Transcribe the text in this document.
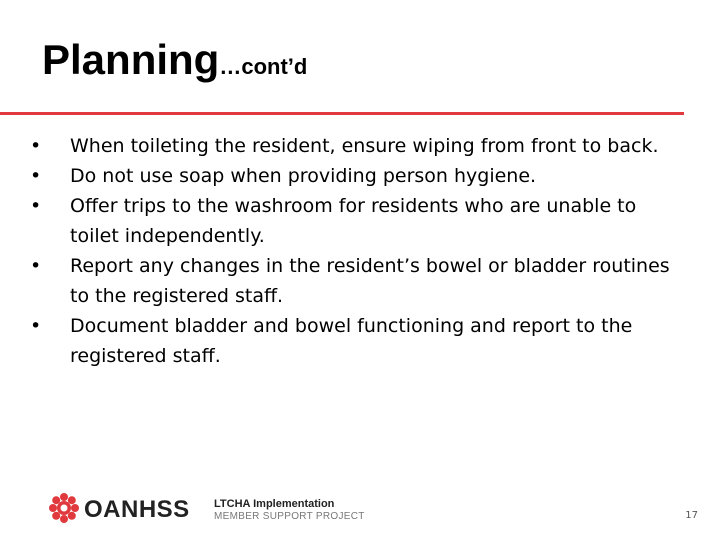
Planning…cont’d
•	When toileting the resident, ensure wiping from front to back.
•	Do not use soap when providing person hygiene.
•	Offer trips to the washroom for residents who are unable to toilet independently.
•	Report any changes in the resident’s bowel or bladder routines to the registered staff.
•	Document bladder and bowel functioning and report to the registered staff.
OANHSS LTCHA Implementation
MEMBER SUPPORT PROJECT	17
